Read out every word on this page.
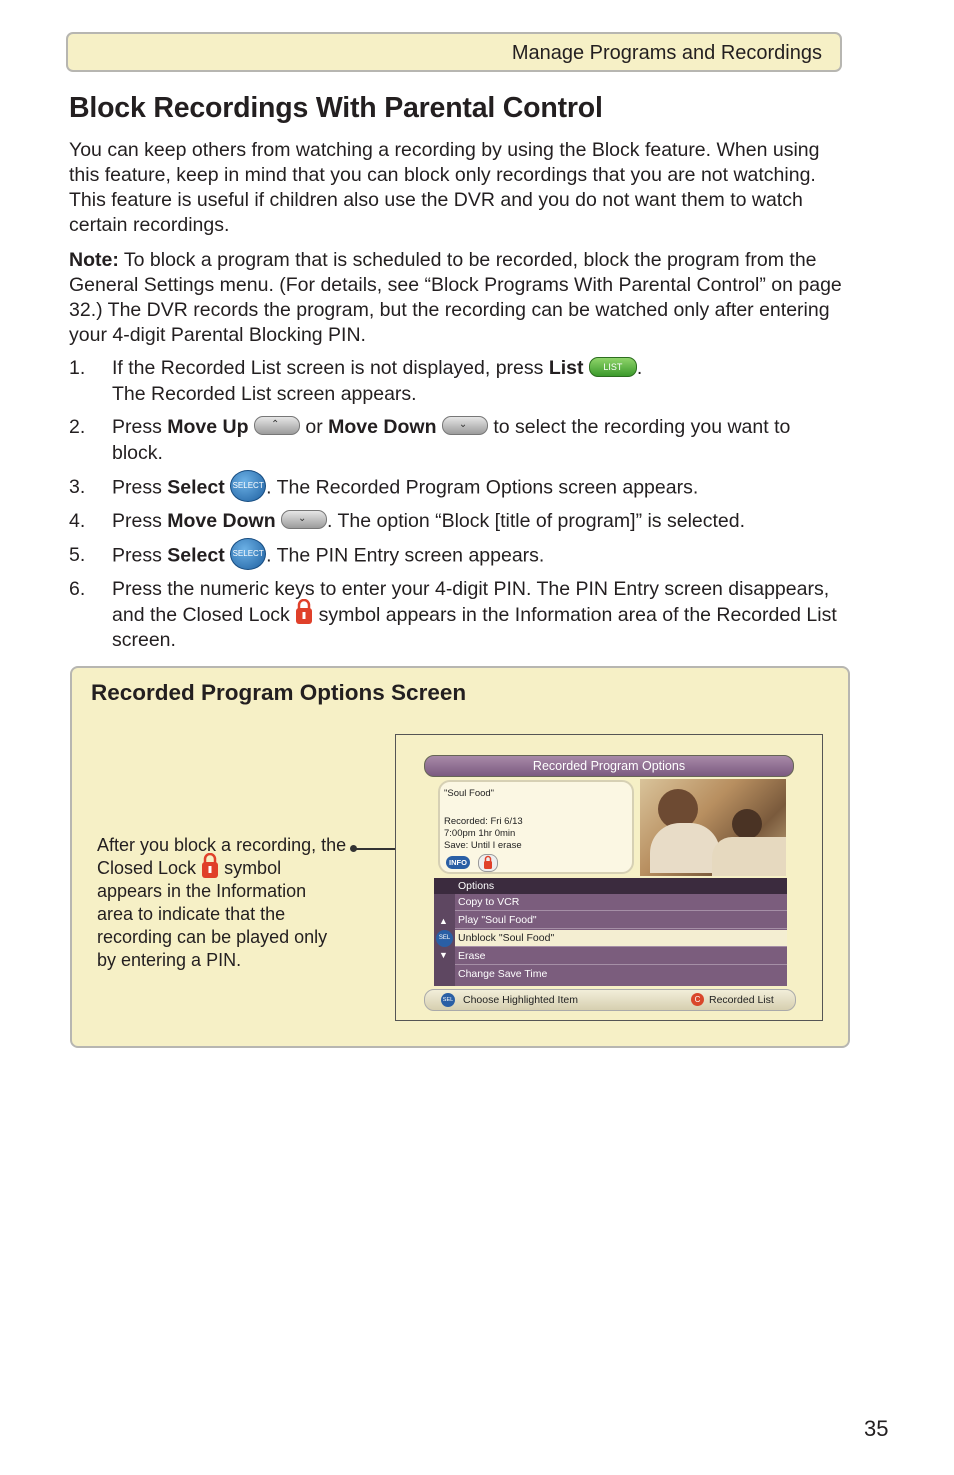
Manage Programs and Recordings
Block Recordings With Parental Control

You can keep others from watching a recording by using the Block feature. When using this feature, keep in mind that you can block only recordings that you are not watching. This feature is useful if children also use the DVR and you do not want them to watch certain recordings.

Note: To block a program that is scheduled to be recorded, block the program from the General Settings menu. (For details, see “Block Programs With Parental Control” on page 32.) The DVR records the program, but the recording can be watched only after entering your 4-digit Parental Blocking PIN.

1. If the Recorded List screen is not displayed, press List LIST .
The Recorded List screen appears.
2. Press Move Up ⌃ or Move Down ⌄ to select the recording you want to block.
3. Press Select SELECT . The Recorded Program Options screen appears.
4. Press Move Down ⌄ . The option “Block [title of program]” is selected.
5. Press Select SELECT . The PIN Entry screen appears.
6. Press the numeric keys to enter your 4-digit PIN. The PIN Entry screen disappears, and the Closed Lock  symbol appears in the Information area of the Recorded List screen.
Recorded Program Options Screen
After you block a recording, the Closed Lock  symbol appears in the Information area to indicate that the recording can be played only by entering a PIN.
Recorded Program Options
"Soul Food"
Recorded: Fri 6/13
7:00pm 1hr 0min
Save: Until I erase
INFO
Options
▲
SEL
▼
Copy to VCR
Play "Soul Food"
Unblock "Soul Food"
Erase
Change Save Time
SEL Choose Highlighted Item	C Recorded List
35
